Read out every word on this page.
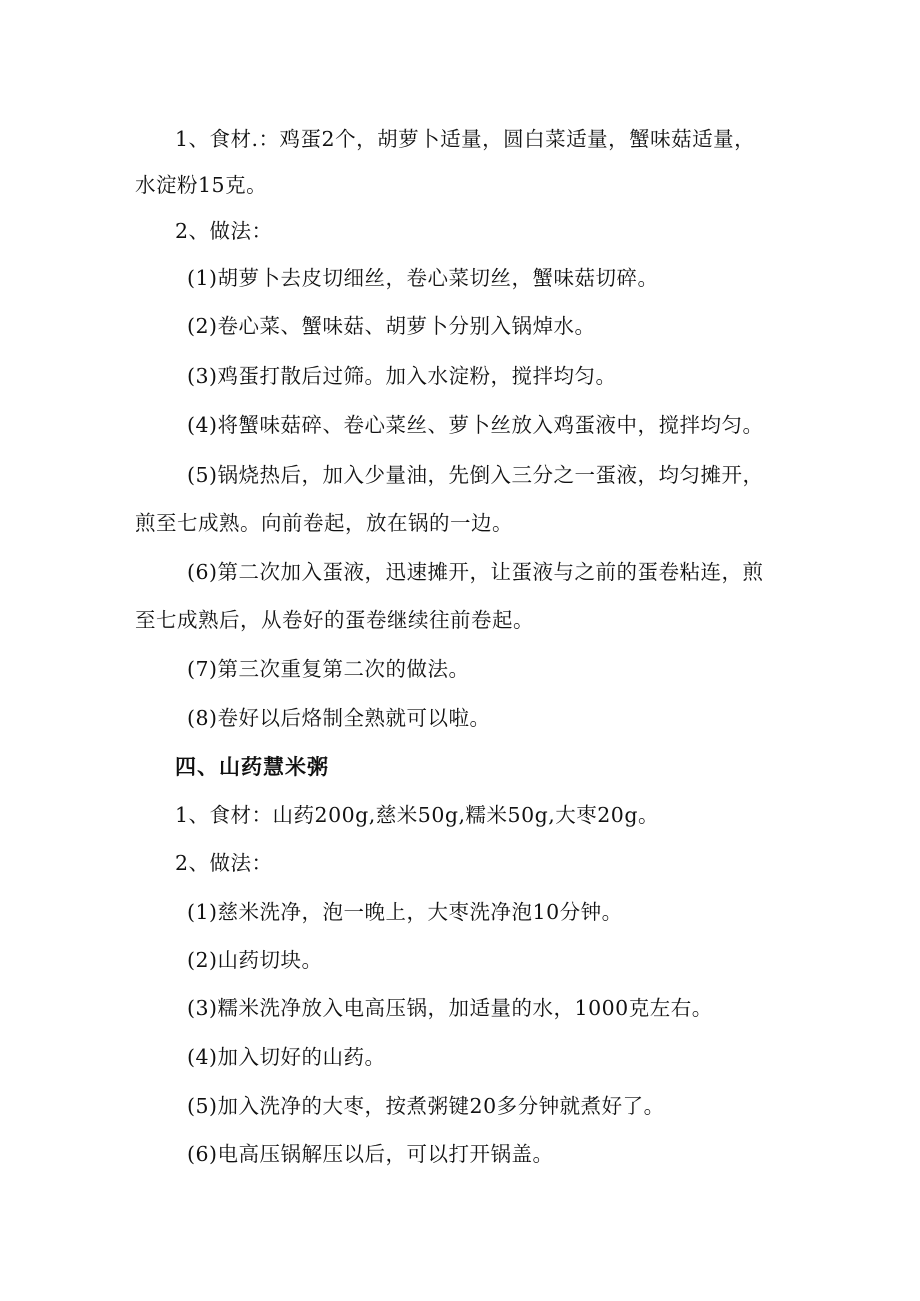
1、食材.：鸡蛋2个，胡萝卜适量，圆白菜适量，蟹味菇适量，
水淀粉15克。
2、做法：
(1)胡萝卜去皮切细丝，卷心菜切丝，蟹味菇切碎。
(2)卷心菜、蟹味菇、胡萝卜分别入锅焯水。
(3)鸡蛋打散后过筛。加入水淀粉，搅拌均匀。
(4)将蟹味菇碎、卷心菜丝、萝卜丝放入鸡蛋液中，搅拌均匀。
(5)锅烧热后，加入少量油，先倒入三分之一蛋液，均匀摊开，
煎至七成熟。向前卷起，放在锅的一边。
(6)第二次加入蛋液，迅速摊开，让蛋液与之前的蛋卷粘连，煎
至七成熟后，从卷好的蛋卷继续往前卷起。
(7)第三次重复第二次的做法。
(8)卷好以后烙制全熟就可以啦。
四、山药慧米粥
1、食材：山药200g,慈米50g,糯米50g,大枣20g。
2、做法：
(1)慈米洗净，泡一晚上，大枣洗净泡10分钟。
(2)山药切块。
(3)糯米洗净放入电高压锅，加适量的水，1000克左右。
(4)加入切好的山药。
(5)加入洗净的大枣，按煮粥键20多分钟就煮好了。
(6)电高压锅解压以后，可以打开锅盖。
